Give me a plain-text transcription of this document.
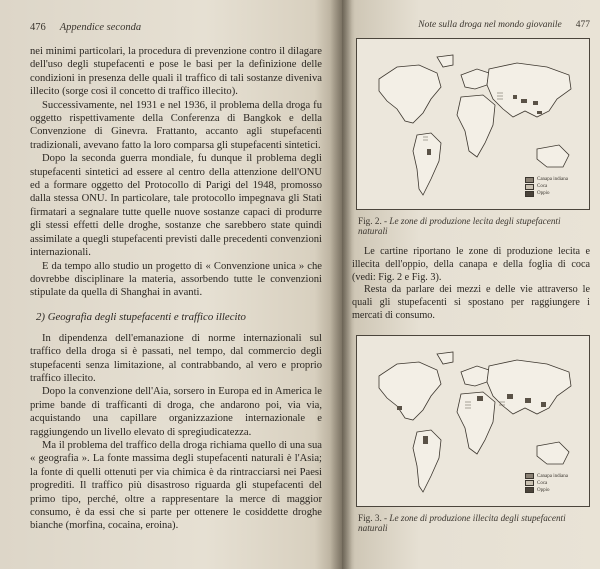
476 Appendice seconda

nei minimi particolari, la procedura di prevenzione contro il dilagare dell'uso degli stupefacenti e pose le basi per la definizione delle condizioni in presenza delle quali il traffico di tali sostanze diveniva illecito (sorge così il concetto di traffico illecito).

Successivamente, nel 1931 e nel 1936, il problema della droga fu oggetto rispettivamente della Conferenza di Bangkok e della Convenzione di Ginevra. Frattanto, accanto agli stupefacenti tradizionali, avevano fatto la loro comparsa gli stupefacenti sintetici.

Dopo la seconda guerra mondiale, fu dunque il problema degli stupefacenti sintetici ad essere al centro della attenzione dell'ONU ed a formare oggetto del Protocollo di Parigi del 1948, promosso dalla stessa ONU. In particolare, tale protocollo impegnava gli Stati firmatari a segnalare tutte quelle nuove sostanze capaci di produrre gli stessi effetti delle droghe, sostanze che sarebbero state quindi assimilate a quegli stupefacenti previsti dalle precedenti convenzioni internazionali.

E da tempo allo studio un progetto di « Convenzione unica » che dovrebbe disciplinare la materia, assorbendo tutte le convenzioni stipulate da quella di Shanghai in avanti.

2) Geografia degli stupefacenti e traffico illecito

In dipendenza dell'emanazione di norme internazionali sul traffico della droga si è passati, nel tempo, dal commercio degli stupefacenti senza limitazione, al contrabbando, al vero e proprio traffico illecito.

Dopo la convenzione dell'Aia, sorsero in Europa ed in America le prime bande di trafficanti di droga, che andarono poi, via via, acquistando una capillare organizzazione internazionale e raggiungendo un livello elevato di spregiudicatezza.

Ma il problema del traffico della droga richiama quello di una sua « geografia ». La fonte massima degli stupefacenti naturali è l'Asia; la fonte di quelli ottenuti per via chimica è da rintracciarsi nei Paesi progrediti. Il traffico più disastroso riguarda gli stupefacenti del primo tipo, perché, oltre a rappresentare la merce di maggior consumo, è da essi che si parte per ottenere le cosiddette droghe bianche (morfina, cocaina, eroina).

Note sulla droga nel mondo giovanile 477
Canapa indiana
Coca
Oppio
Fig. 2. - Le zone di produzione lecita degli stupefacenti naturali

Le cartine riportano le zone di produzione lecita e illecita dell'oppio, della canapa e della foglia di coca (vedi: Fig. 2 e Fig. 3).

Resta da parlare dei mezzi e delle vie attraverso le quali gli stupefacenti si spostano per raggiungere i mercati di consumo.

Canapa indiana
Coca
Oppio
Fig. 3. - Le zone di produzione illecita degli stupefacenti naturali
